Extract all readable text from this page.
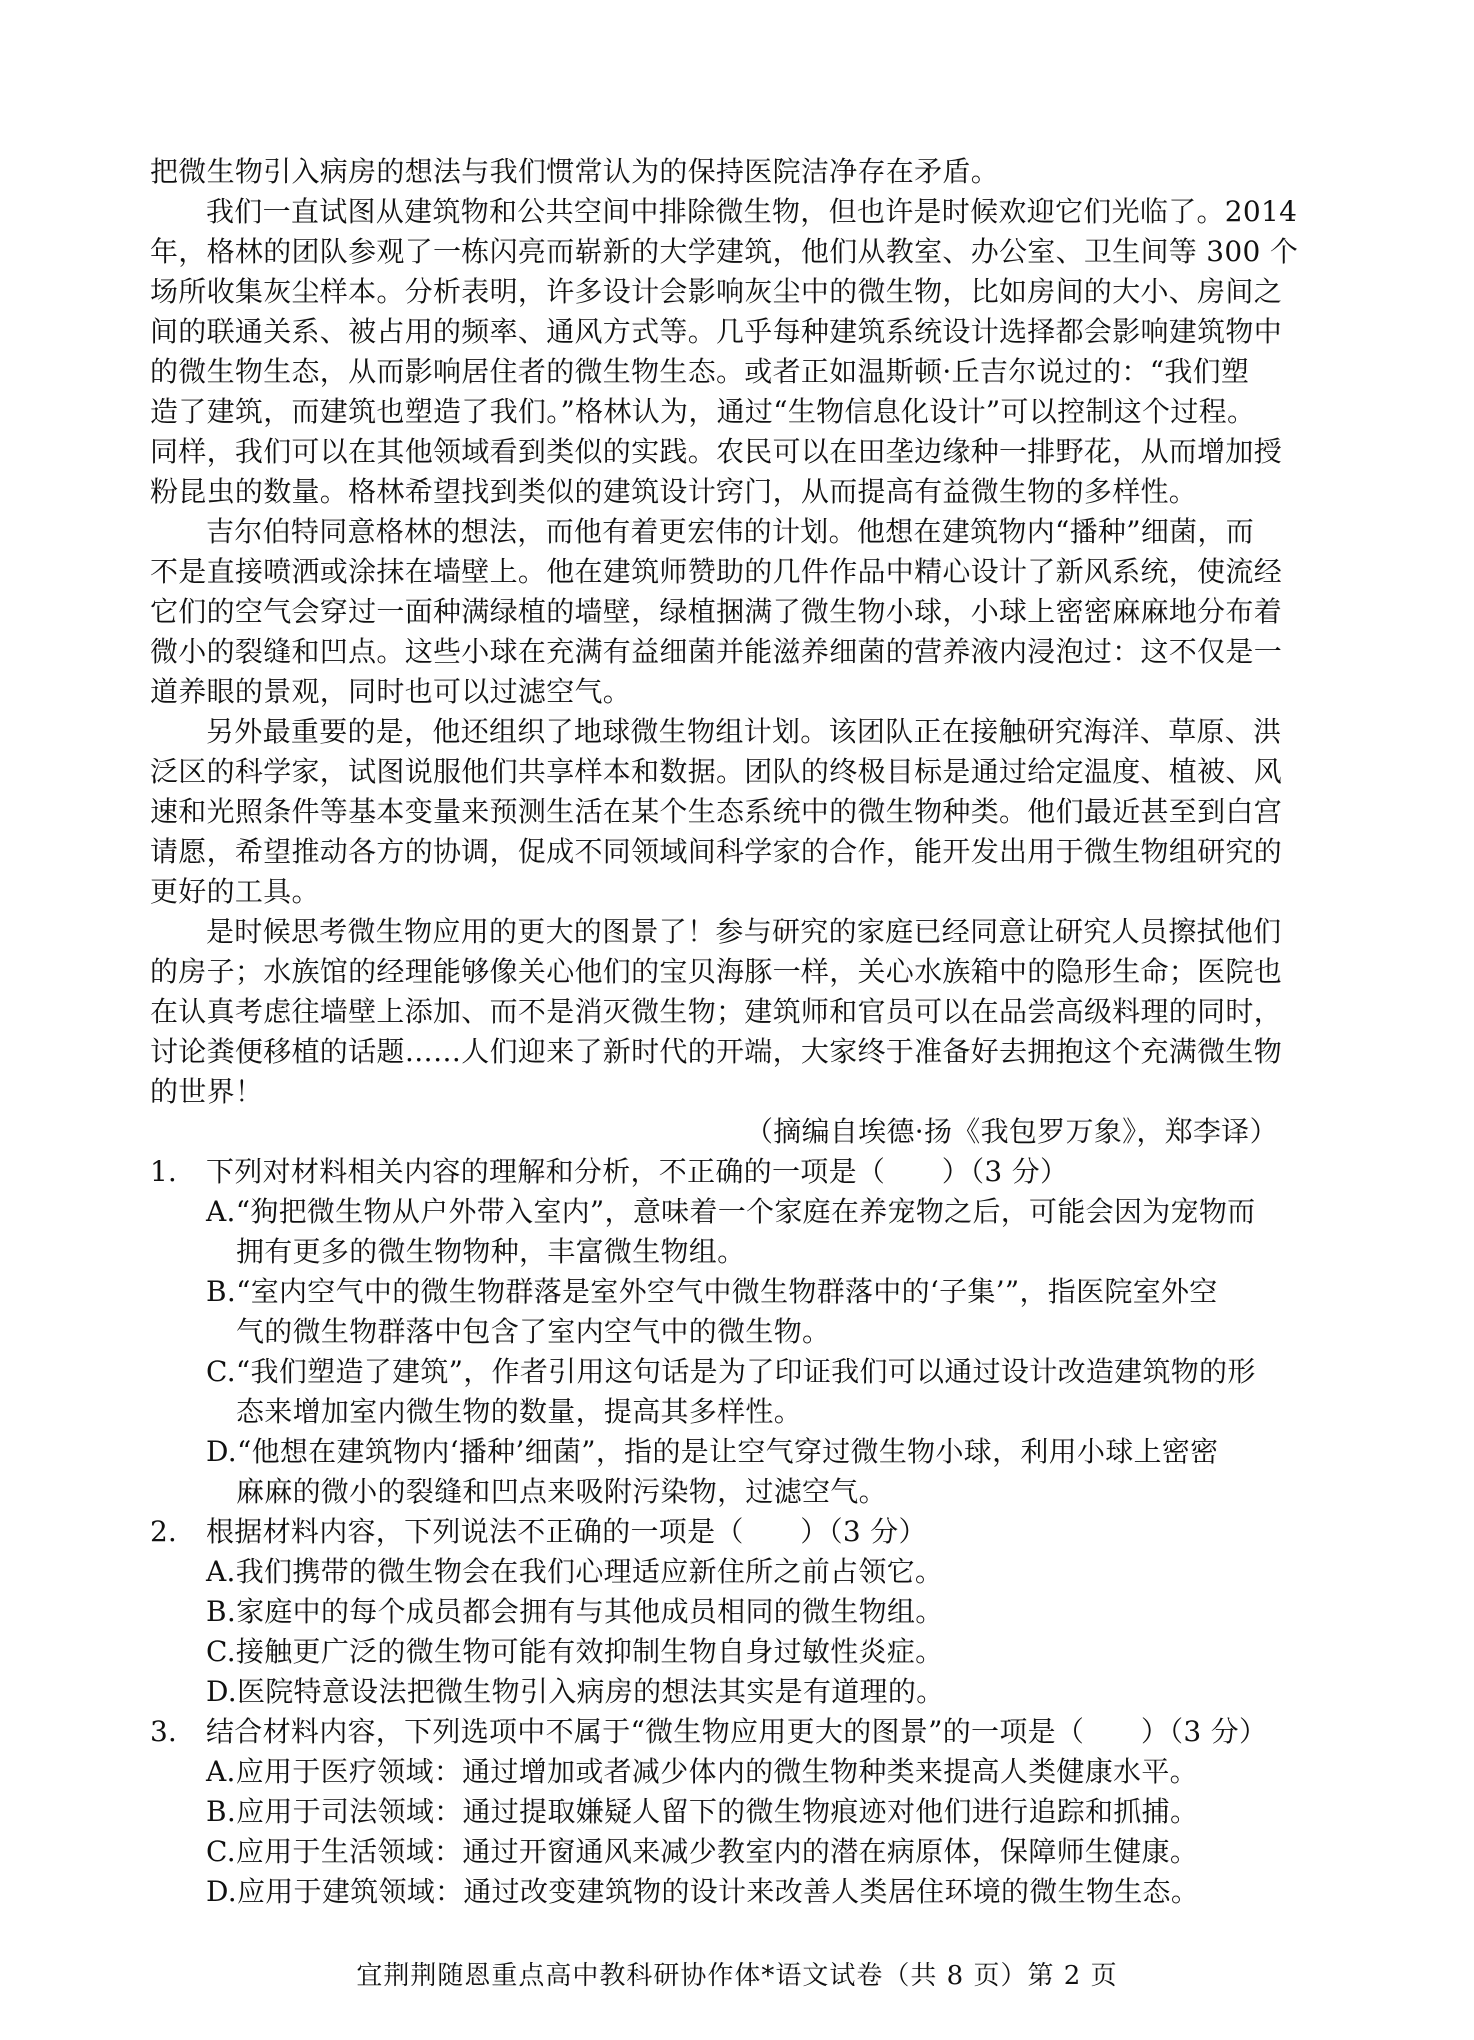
把微生物引入病房的想法与我们惯常认为的保持医院洁净存在矛盾。
我们一直试图从建筑物和公共空间中排除微生物，但也许是时候欢迎它们光临了。2014
年，格林的团队参观了一栋闪亮而崭新的大学建筑，他们从教室、办公室、卫生间等 300 个
场所收集灰尘样本。分析表明，许多设计会影响灰尘中的微生物，比如房间的大小、房间之
间的联通关系、被占用的频率、通风方式等。几乎每种建筑系统设计选择都会影响建筑物中
的微生物生态，从而影响居住者的微生物生态。或者正如温斯顿·丘吉尔说过的：“我们塑
造了建筑，而建筑也塑造了我们。”格林认为，通过“生物信息化设计”可以控制这个过程。
同样，我们可以在其他领域看到类似的实践。农民可以在田垄边缘种一排野花，从而增加授
粉昆虫的数量。格林希望找到类似的建筑设计窍门，从而提高有益微生物的多样性。
吉尔伯特同意格林的想法，而他有着更宏伟的计划。他想在建筑物内“播种”细菌，而
不是直接喷洒或涂抹在墙壁上。他在建筑师赞助的几件作品中精心设计了新风系统，使流经
它们的空气会穿过一面种满绿植的墙壁，绿植捆满了微生物小球，小球上密密麻麻地分布着
微小的裂缝和凹点。这些小球在充满有益细菌并能滋养细菌的营养液内浸泡过：这不仅是一
道养眼的景观，同时也可以过滤空气。
另外最重要的是，他还组织了地球微生物组计划。该团队正在接触研究海洋、草原、洪
泛区的科学家，试图说服他们共享样本和数据。团队的终极目标是通过给定温度、植被、风
速和光照条件等基本变量来预测生活在某个生态系统中的微生物种类。他们最近甚至到白宫
请愿，希望推动各方的协调，促成不同领域间科学家的合作，能开发出用于微生物组研究的
更好的工具。
是时候思考微生物应用的更大的图景了！参与研究的家庭已经同意让研究人员擦拭他们
的房子；水族馆的经理能够像关心他们的宝贝海豚一样，关心水族箱中的隐形生命；医院也
在认真考虑往墙壁上添加、而不是消灭微生物；建筑师和官员可以在品尝高级料理的同时，
讨论粪便移植的话题……人们迎来了新时代的开端，大家终于准备好去拥抱这个充满微生物
的世界！
（摘编自埃德·扬《我包罗万象》，郑李译）
1. 下列对材料相关内容的理解和分析，不正确的一项是（　　）（3 分）
A.“狗把微生物从户外带入室内”，意味着一个家庭在养宠物之后，可能会因为宠物而
拥有更多的微生物物种，丰富微生物组。
B.“室内空气中的微生物群落是室外空气中微生物群落中的‘子集’”，指医院室外空
气的微生物群落中包含了室内空气中的微生物。
C.“我们塑造了建筑”，作者引用这句话是为了印证我们可以通过设计改造建筑物的形
态来增加室内微生物的数量，提高其多样性。
D.“他想在建筑物内‘播种’细菌”，指的是让空气穿过微生物小球，利用小球上密密
麻麻的微小的裂缝和凹点来吸附污染物，过滤空气。
2. 根据材料内容，下列说法不正确的一项是（　　）（3 分）
A.我们携带的微生物会在我们心理适应新住所之前占领它。
B.家庭中的每个成员都会拥有与其他成员相同的微生物组。
C.接触更广泛的微生物可能有效抑制生物自身过敏性炎症。
D.医院特意设法把微生物引入病房的想法其实是有道理的。
3. 结合材料内容，下列选项中不属于“微生物应用更大的图景”的一项是（　　）（3 分）
A.应用于医疗领域：通过增加或者减少体内的微生物种类来提高人类健康水平。
B.应用于司法领域：通过提取嫌疑人留下的微生物痕迹对他们进行追踪和抓捕。
C.应用于生活领域：通过开窗通风来减少教室内的潜在病原体，保障师生健康。
D.应用于建筑领域：通过改变建筑物的设计来改善人类居住环境的微生物生态。
宜荆荆随恩重点高中教科研协作体*语文试卷（共 8 页）第 2 页
